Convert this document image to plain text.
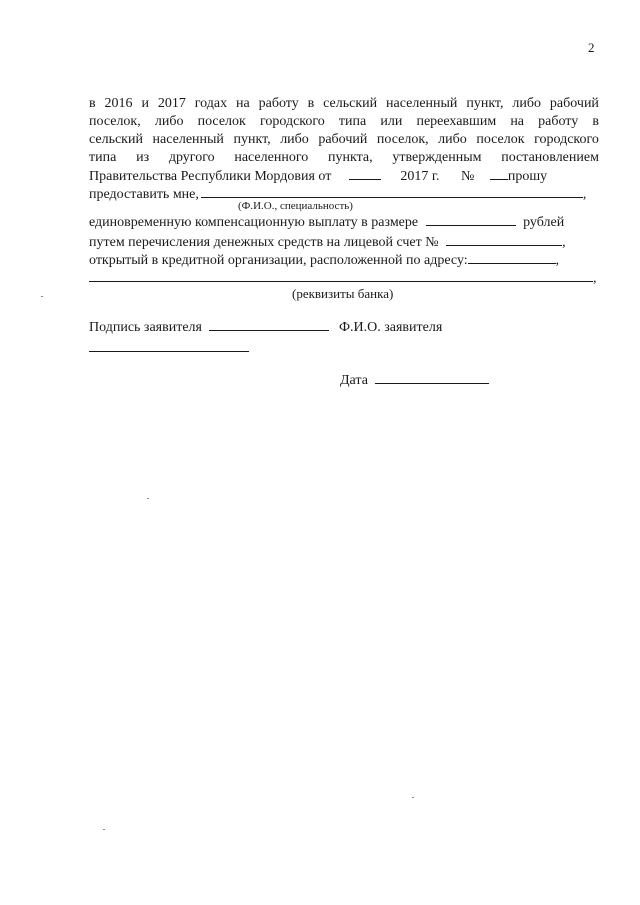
2
в 2016 и 2017 годах на работу в сельский населенный пункт, либо рабочий
поселок, либо поселок городского типа или переехавшим на работу в
сельский населенный пункт, либо рабочий поселок, либо поселок городского
типа из другого населенного пункта, утвержденным постановлением
Правительства Республики Мордовия от	2017 г. № прошу
предоставить мне,	,
(Ф.И.О., специальность)
единовременную компенсационную выплату в размере	рублей
путем перечисления денежных средств на лицевой счет №	,
открытый в кредитной организации, расположенной по адресу:	,
,
(реквизиты банка)
Подпись заявителя	Ф.И.О. заявителя
Дата
